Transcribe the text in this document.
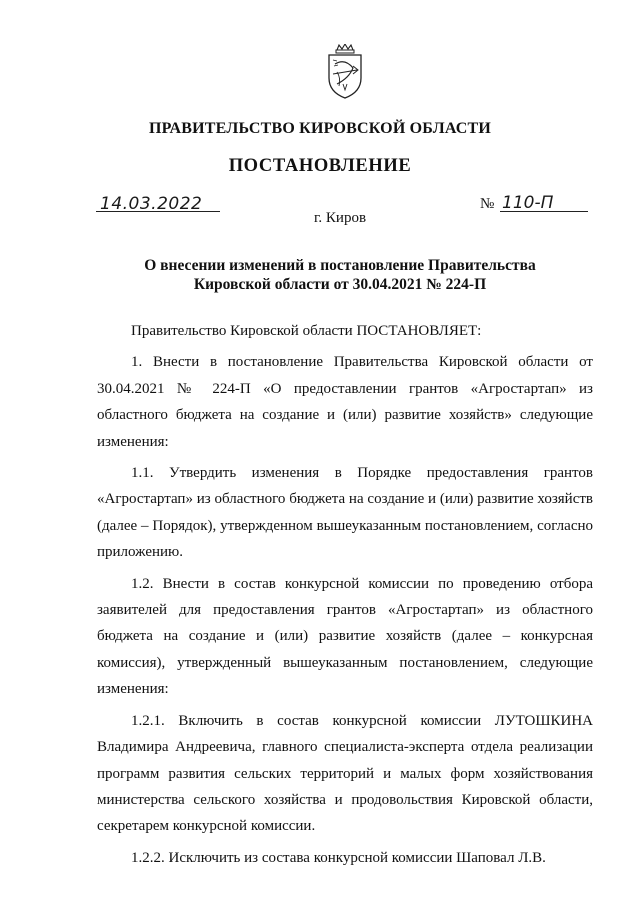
ПРАВИТЕЛЬСТВО КИРОВСКОЙ ОБЛАСТИ
ПОСТАНОВЛЕНИЕ
14.03.2022	№ 110-П
г. Киров
О внесении изменений в постановление Правительства
Кировской области от 30.04.2021 № 224-П

Правительство Кировской области ПОСТАНОВЛЯЕТ:

1. Внести в постановление Правительства Кировской области от 30.04.2021 № 224-П «О предоставлении грантов «Агростартап» из областного бюджета на создание и (или) развитие хозяйств» следующие изменения:

1.1. Утвердить изменения в Порядке предоставления грантов «Агростартап» из областного бюджета на создание и (или) развитие хозяйств (далее – Порядок), утвержденном вышеуказанным постановлением, согласно приложению.

1.2. Внести в состав конкурсной комиссии по проведению отбора заявителей для предоставления грантов «Агростартап» из областного бюджета на создание и (или) развитие хозяйств (далее – конкурсная комиссия), утвержденный вышеуказанным постановлением, следующие изменения:

1.2.1. Включить в состав конкурсной комиссии ЛУТОШКИНА Владимира Андреевича, главного специалиста-эксперта отдела реализации программ развития сельских территорий и малых форм хозяйствования министерства сельского хозяйства и продовольствия Кировской области, секретарем конкурсной комиссии.

1.2.2. Исключить из состава конкурсной комиссии Шаповал Л.В.
